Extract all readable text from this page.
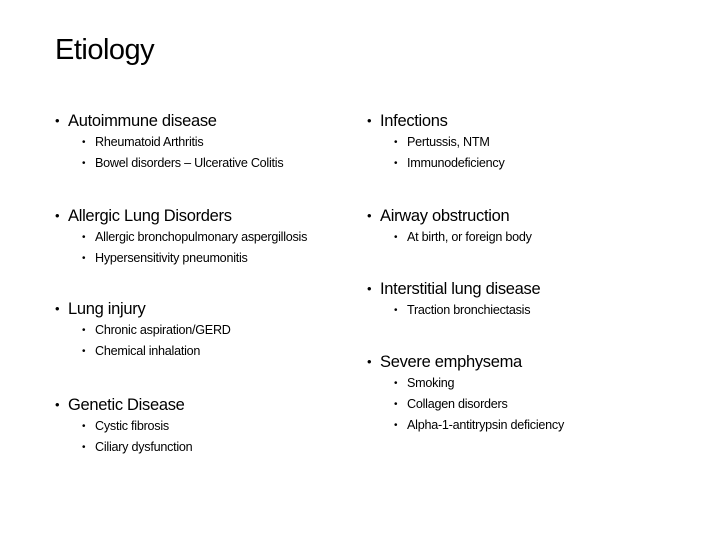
Etiology
• Autoimmune disease
• Rheumatoid Arthritis
• Bowel disorders – Ulcerative Colitis
• Allergic Lung Disorders
• Allergic bronchopulmonary aspergillosis
• Hypersensitivity pneumonitis
• Lung injury
• Chronic aspiration/GERD
• Chemical inhalation
• Genetic Disease
• Cystic fibrosis
• Ciliary dysfunction
• Infections
• Pertussis, NTM
• Immunodeficiency
• Airway obstruction
• At birth, or foreign body
• Interstitial lung disease
• Traction bronchiectasis
• Severe emphysema
• Smoking
• Collagen disorders
• Alpha-1-antitrypsin deficiency
